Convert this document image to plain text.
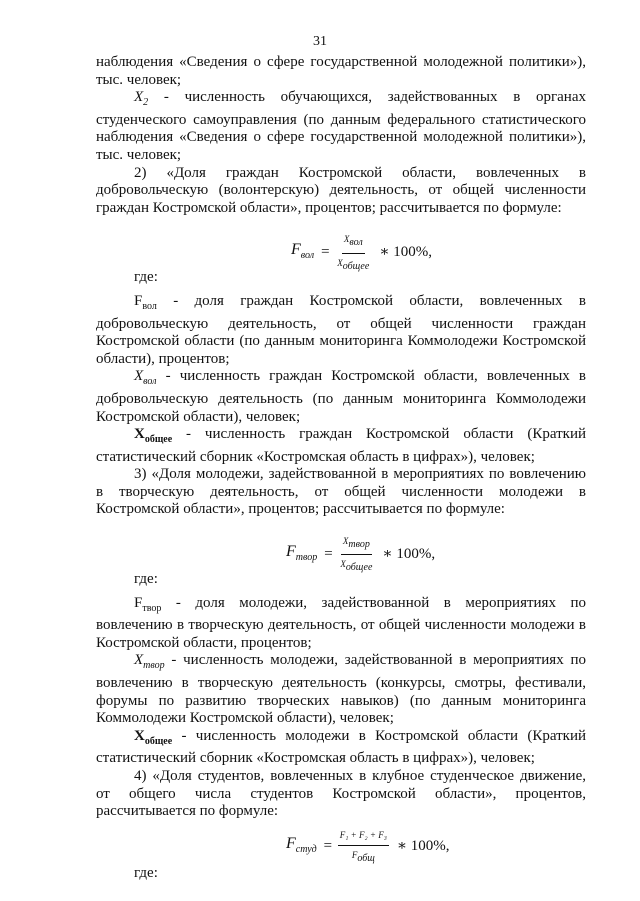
31

наблюдения «Сведения о сфере государственной молодежной политики»), тыс. человек;

$X_2$ - численность обучающихся, задействованных в органах студенческого самоуправления (по данным федерального статистического наблюдения «Сведения о сфере государственной молодежной политики»), тыс. человек;

2) «Доля граждан Костромской области, вовлеченных в добровольческую (волонтерскую) деятельность, от общей численности граждан Костромской области», процентов; рассчитывается по формуле:

$F_{вол} = \frac{X_{вол}}{X_{общее}}$ ∗ 100%,

где:

$F_{вол}$ - доля граждан Костромской области, вовлеченных в добровольческую деятельность, от общей численности граждан Костромской области (по данным мониторинга Коммолодежи Костромской области), процентов;

$X_{вол}$ - численность граждан Костромской области, вовлеченных в добровольческую деятельность (по данным мониторинга Коммолодежи Костромской области), человек;

$X_{общее}$ - численность граждан Костромской области (Краткий статистический сборник «Костромская область в цифрах»), человек;

3) «Доля молодежи, задействованной в мероприятиях по вовлечению в творческую деятельность, от общей численности молодежи в Костромской области», процентов; рассчитывается по формуле:

$F_{твор} = \frac{X_{твор}}{X_{общее}}$ ∗ 100%,

где:

$F_{твор}$ - доля молодежи, задействованной в мероприятиях по вовлечению в творческую деятельность, от общей численности молодежи в Костромской области, процентов;

$X_{твор}$ - численность молодежи, задействованной в мероприятиях по вовлечению в творческую деятельность (конкурсы, смотры, фестивали, форумы по развитию творческих навыков) (по данным мониторинга Коммолодежи Костромской области), человек;

$X_{общее}$ - численность молодежи в Костромской области (Краткий статистический сборник «Костромская область в цифрах»), человек;

4) «Доля студентов, вовлеченных в клубное студенческое движение, от общего числа студентов Костромской области», процентов, рассчитывается по формуле:

$F_{студ} = \frac{\text{F₁ + F₂ + F₃}}{F_{общ}}$ ∗ 100%,

где:
